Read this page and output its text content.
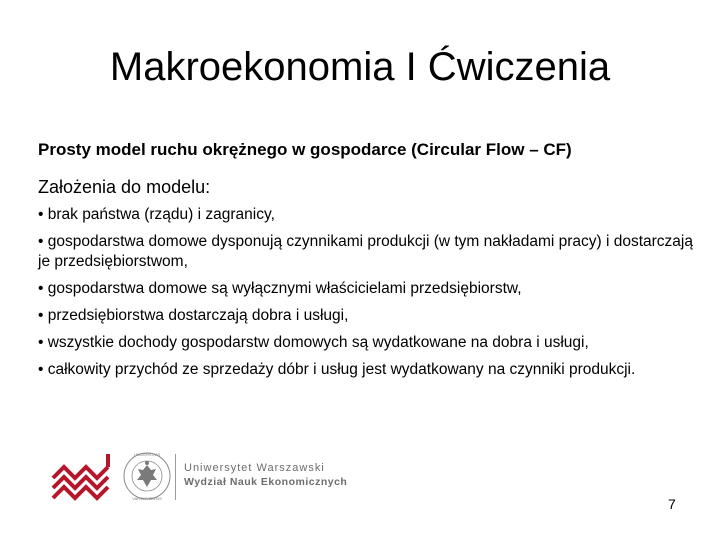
Makroekonomia I Ćwiczenia
Prosty model ruchu okrężnego w gospodarce (Circular Flow – CF)
Założenia do modelu:
• brak państwa (rządu) i zagranicy,
• gospodarstwa domowe dysponują czynnikami produkcji (w tym nakładami pracy) i dostarczają je przedsiębiorstwom,
• gospodarstwa domowe są wyłącznymi właścicielami przedsiębiorstw,
• przedsiębiorstwa dostarczają dobra i usługi,
• wszystkie dochody gospodarstw domowych są wydatkowane na dobra i usługi,
• całkowity przychód ze sprzedaży dóbr i usług jest wydatkowany na czynniki produkcji.
UNIVERSITAS
VARSOVIENSIS
Uniwersytet Warszawski
Wydział Nauk Ekonomicznych
7
